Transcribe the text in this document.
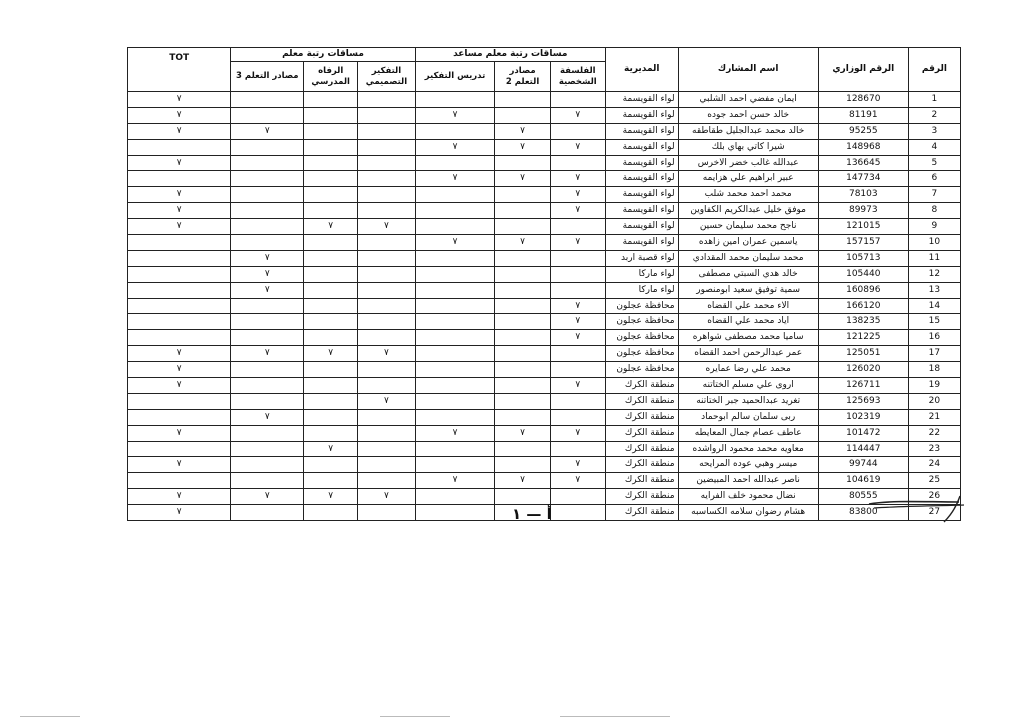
الرقم	الرقم الوزاري	اسم المشارك	المديرية	مساقات رتبة معلم مساعد			مساقات رتبة معلم			TOT
				الفلسفة الشخصية	مصادر التعلم 2	تدريس التفكير	التفكير التصميمي	الرفاه المدرسي	مصادر التعلم 3	
1	128670	ايمان مفضي احمد الشلبي	لواء القويسمة							٧
2	81191	خالد حسن احمد جوده	لواء القويسمة	٧		٧				٧
3	95255	خالد محمد عبدالجليل طقاطقه	لواء القويسمة		٧				٧	٧
4	148968	شيرا كاتي بهاي بلك	لواء القويسمة	٧	٧	٧				
5	136645	عبدالله غالب خضر الاخرس	لواء القويسمة							٧
6	147734	عبير ابراهيم علي هزايمه	لواء القويسمة	٧	٧	٧				
7	78103	محمد احمد محمد شلب	لواء القويسمة	٧						٧
8	89973	موفق خليل عبدالكريم الكفاوين	لواء القويسمة	٧						٧
9	121015	ناجح محمد سليمان حسين	لواء القويسمة				٧	٧		٧
10	157157	ياسمين عمران امين زاهده	لواء القويسمة	٧	٧	٧				
11	105713	محمد سليمان محمد المقدادي	لواء قصبة اربد						٧	
12	105440	خالد هدي السبتي مصطفى	لواء ماركا						٧	
13	160896	سمية توفيق سعيد ابومنصور	لواء ماركا						٧	
14	166120	الاء محمد علي القضاه	محافظة عجلون	٧						
15	138235	اياد محمد علي القضاه	محافظة عجلون	٧						
16	121225	ساميا محمد مصطفى شواهره	محافظة عجلون	٧						
17	125051	عمر عبدالرحمن احمد القضاه	محافظة عجلون				٧	٧	٧	٧
18	126020	محمد علي رضا عمايره	محافظة عجلون							٧
19	126711	اروى علي مسلم الختاتنه	منطقة الكرك	٧						٧
20	125693	تغريد عبدالحميد جبر الختاتنه	منطقة الكرك				٧			
21	102319	ربى سلمان سالم ابوحماد	منطقة الكرك						٧	
22	101472	عاطف عصام جمال المعايطه	منطقة الكرك	٧	٧	٧				٧
23	114447	معاويه محمد محمود الرواشده	منطقة الكرك					٧		
24	99744	ميسر وهبي عوده المرايحه	منطقة الكرك	٧						٧
25	104619	ناصر عبدالله احمد المبيضين	منطقة الكرك	٧	٧	٧				
26	80555	نضال محمود خلف الفرايه	منطقة الكرك				٧	٧	٧	٧
27	83800	هشام رضوان سلامه الكساسبه	منطقة الكرك							٧	أ — ١
